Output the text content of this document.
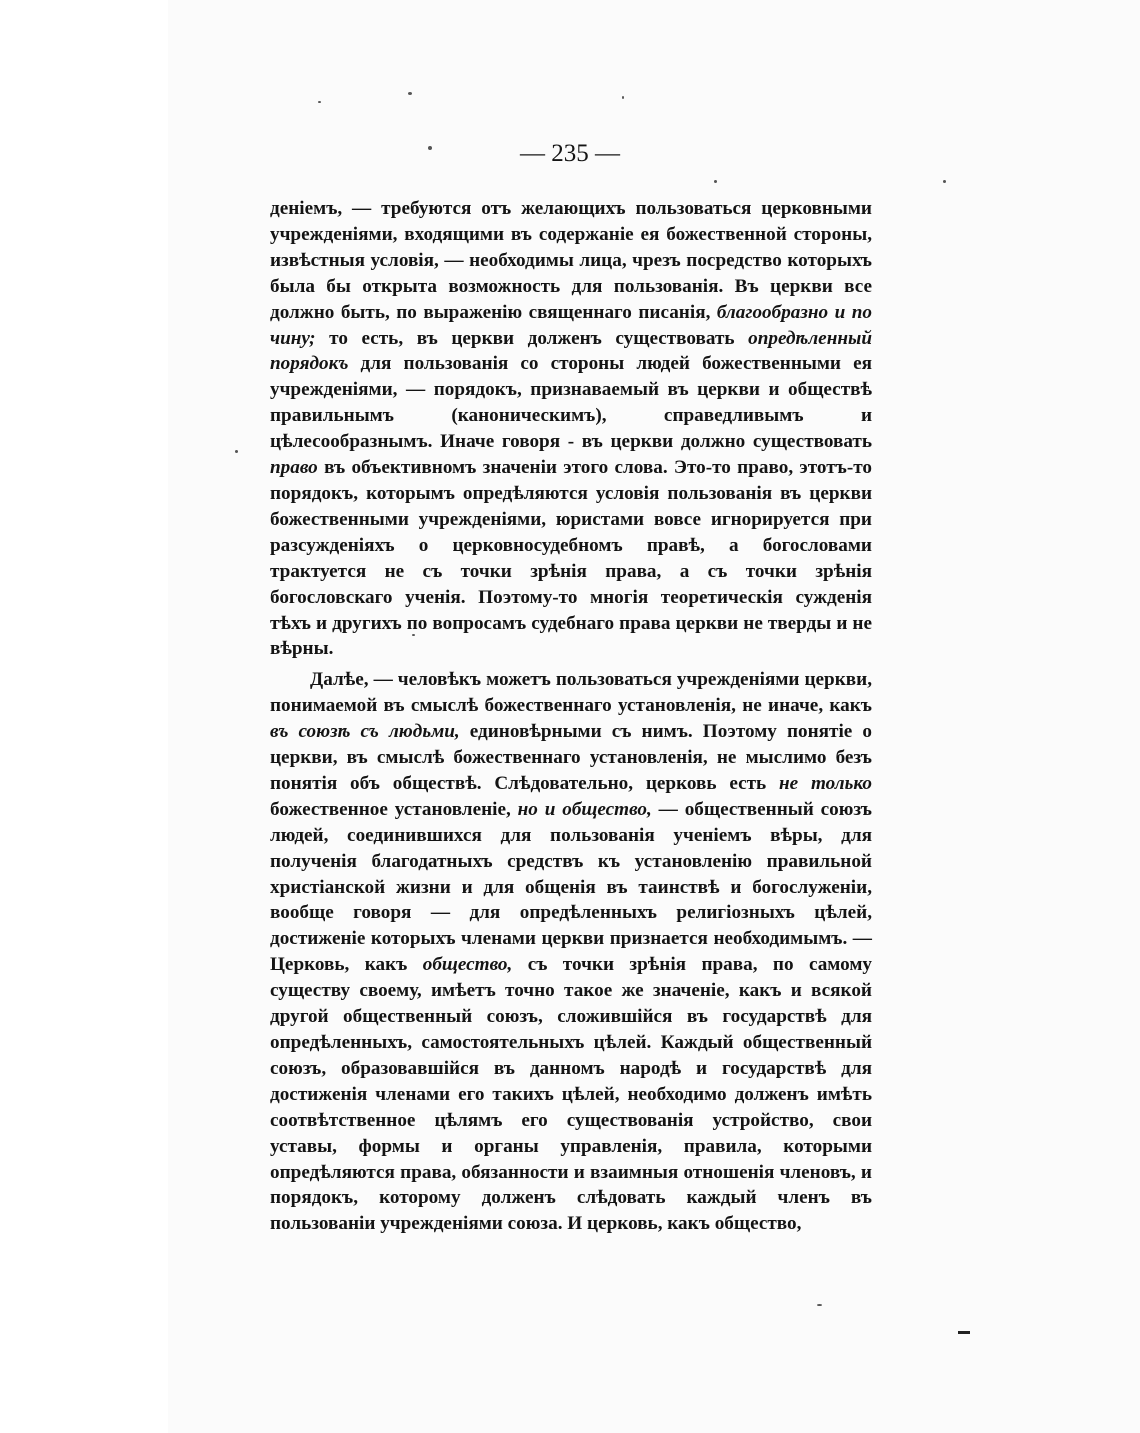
— 235 —

деніемъ, — требуются отъ желающихъ пользоваться церковными учрежденіями, входящими въ содержаніе ея божественной стороны, извѣстныя условія, — необходимы лица, чрезъ посредство которыхъ была бы открыта возможность для пользованія. Въ церкви все должно быть, по выраженію священнаго писанія, благообразно и по чину; то есть, въ церкви долженъ существовать опредѣленный порядокъ для пользованія со стороны людей божественными ея учрежденіями, — порядокъ, признаваемый въ церкви и обществѣ правильнымъ (каноническимъ), справедливымъ и цѣлесообразнымъ. Иначе говоря - въ церкви должно существовать право въ объективномъ значеніи этого слова. Это-то право, этотъ-то порядокъ, которымъ опредѣляются условія пользованія въ церкви божественными учрежденіями, юристами вовсе игнорируется при разсужденіяхъ о церковносудебномъ правѣ, а богословами трактуется не съ точки зрѣнія права, а съ точки зрѣнія богословскаго ученія. Поэтому-то многія теоретическія сужденія тѣхъ и другихъ по вопросамъ судебнаго права церкви не тверды и не вѣрны.

Далѣе, — человѣкъ можетъ пользоваться учрежденіями церкви, понимаемой въ смыслѣ божественнаго установленія, не иначе, какъ въ союзѣ съ людьми, единовѣрными съ нимъ. Поэтому понятіе о церкви, въ смыслѣ божественнаго установленія, не мыслимо безъ понятія объ обществѣ. Слѣдовательно, церковь есть не только божественное установленіе, но и общество, — общественный союзъ людей, соединившихся для пользованія ученіемъ вѣры, для полученія благодатныхъ средствъ къ установленію правильной христіанской жизни и для общенія въ таинствѣ и богослуженіи, вообще говоря — для опредѣленныхъ религіозныхъ цѣлей, достиженіе которыхъ членами церкви признается необходимымъ. — Церковь, какъ общество, съ точки зрѣнія права, по самому существу своему, имѣетъ точно такое же значеніе, какъ и всякой другой общественный союзъ, сложившійся въ государствѣ для опредѣленныхъ, самостоятельныхъ цѣлей. Каждый общественный союзъ, образовавшійся въ данномъ народѣ и государствѣ для достиженія членами его такихъ цѣлей, необходимо долженъ имѣть соотвѣтственное цѣлямъ его существованія устройство, свои уставы, формы и органы управленія, правила, которыми опредѣляются права, обязанности и взаимныя отношенія членовъ, и порядокъ, которому долженъ слѣдовать каждый членъ въ пользованіи учрежденіями союза. И церковь, какъ общество,
